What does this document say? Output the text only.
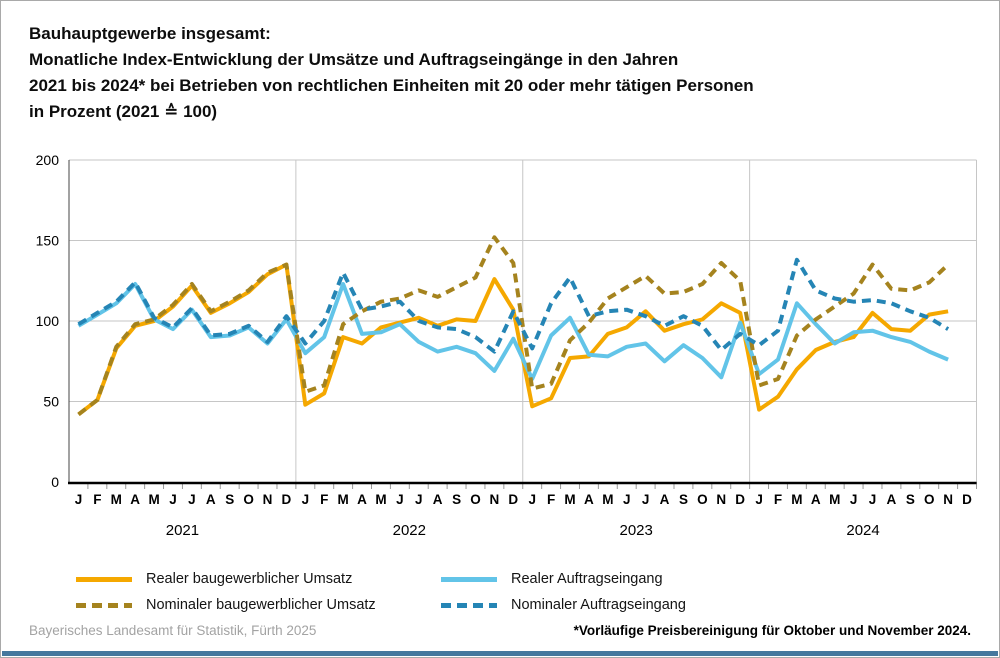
Bauhauptgewerbe insgesamt:
Monatliche Index-Entwicklung der Umsätze und Auftragseingänge in den Jahren
2021 bis 2024* bei Betrieben von rechtlichen Einheiten mit 20 oder mehr tätigen Personen
in Prozent (2021 ≙ 100)
0
50
100
150
200
J F M A M J J A S O N D J F M A M J J A S O N D J F M A M J J A S O N D J F M A M J J A S O N D
2021	2022	2023	2024
Realer baugewerblicher Umsatz
Nominaler baugewerblicher Umsatz
Realer Auftragseingang
Nominaler Auftragseingang
Bayerisches Landesamt für Statistik, Fürth 2025	*Vorläufige Preisbereinigung für Oktober und November 2024.
